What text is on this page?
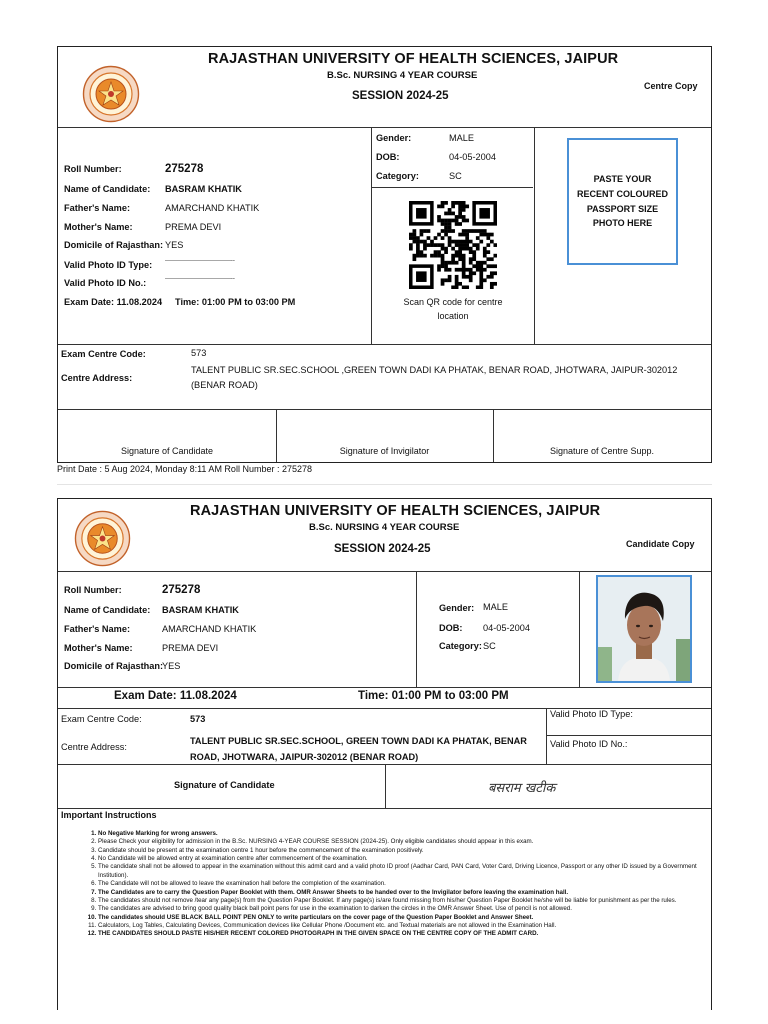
RAJASTHAN UNIVERSITY OF HEALTH SCIENCES, JAIPUR
B.Sc. NURSING 4 YEAR COURSE
SESSION 2024-25
Centre Copy
Roll Number:	275278
Name of Candidate: BASRAM KHATIK
Father's Name:	AMARCHAND KHATIK
Mother's Name:	PREMA DEVI
Domicile of Rajasthan: YES
Valid Photo ID Type: -----------------------------------
Valid Photo ID No.:	-----------------------------------
Exam Date: 11.08.2024 Time: 01:00 PM to 03:00 PM
Gender:	MALE
DOB:	04-05-2004
Category:	SC
Scan QR code for centre location
PASTE YOUR RECENT COLOURED PASSPORT SIZE PHOTO HERE
Exam Centre Code:	573
Centre Address:
TALENT PUBLIC SR.SEC.SCHOOL ,GREEN TOWN DADI KA PHATAK, BENAR ROAD, JHOTWARA, JAIPUR-302012 (BENAR ROAD)
Signature of Candidate	Signature of Invigilator	Signature of Centre Supp.
Print Date : 5 Aug 2024, Monday 8:11 AM Roll Number : 275278
RAJASTHAN UNIVERSITY OF HEALTH SCIENCES, JAIPUR
B.Sc. NURSING 4 YEAR COURSE
SESSION 2024-25	Candidate Copy
Roll Number:	275278
Name of Candidate: BASRAM KHATIK
Father's Name:	AMARCHAND KHATIK
Mother's Name:	PREMA DEVI
Domicile of Rajasthan:
YES
Gender: MALE
DOB: 04-05-2004
Category: SC
Exam Date: 11.08.2024	Time: 01:00 PM to 03:00 PM
Exam Centre Code:	573
Centre Address:
TALENT PUBLIC SR.SEC.SCHOOL, GREEN TOWN DADI KA PHATAK, BENAR ROAD, JHOTWARA, JAIPUR-302012 (BENAR ROAD)
Valid Photo ID Type:
Valid Photo ID No.:
Signature of Candidate	बसराम खटीक
Important Instructions
1. No Negative Marking for wrong answers.
2. Please Check your eligibility for admission in the B.Sc. NURSING 4-YEAR COURSE SESSION (2024-25). Only eligible candidates should appear in this exam.
3. Candidate should be present at the examination centre 1 hour before the commencement of the examination positively.
4. No Candidate will be allowed entry at examination centre after commencement of the examination.
5. The candidate shall not be allowed to appear in the examination without this admit card and a valid photo ID proof (Aadhar Card, PAN Card, Voter Card, Driving Licence, Passport or any other ID issued by a Government Institution).
6. The Candidate will not be allowed to leave the examination hall before the completion of the examination.
7. The Candidates are to carry the Question Paper Booklet with them. OMR Answer Sheets to be handed over to the Invigilator before leaving the examination hall.
8. The candidates should not remove /tear any page(s) from the Question Paper Booklet. If any page(s) is/are found missing from his/her Question Paper Booklet he/she will be liable for punishment as per the rules.
9. The candidates are advised to bring good quality black ball point pens for use in the examination to darken the circles in the OMR Answer Sheet. Use of pencil is not allowed.
10. The candidates should USE BLACK BALL POINT PEN ONLY to write particulars on the cover page of the Question Paper Booklet and Answer Sheet.
11. Calculators, Log Tables, Calculating Devices, Communication devices like Cellular Phone /Document etc. and Textual materials are not allowed in the Examination Hall.
12. THE CANDIDATES SHOULD PASTE HIS/HER RECENT COLORED PHOTOGRAPH IN THE GIVEN SPACE ON THE CENTRE COPY OF THE ADMIT CARD.
